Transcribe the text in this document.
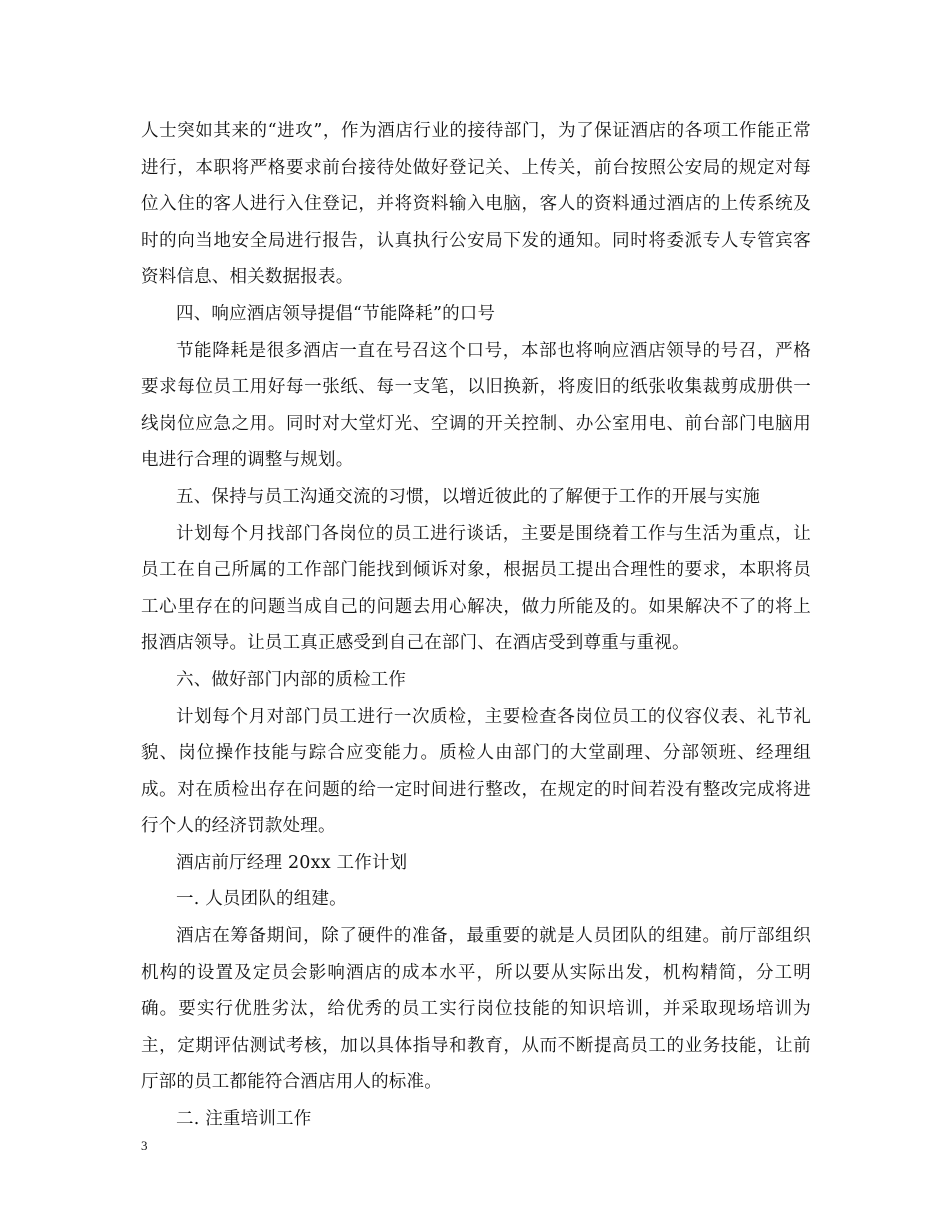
人士突如其来的“进攻”，作为酒店行业的接待部门，为了保证酒店的各项工作能正常进行，本职将严格要求前台接待处做好登记关、上传关，前台按照公安局的规定对每位入住的客人进行入住登记，并将资料输入电脑，客人的资料通过酒店的上传系统及时的向当地安全局进行报告，认真执行公安局下发的通知。同时将委派专人专管宾客资料信息、相关数据报表。

四、响应酒店领导提倡“节能降耗”的口号

节能降耗是很多酒店一直在号召这个口号，本部也将响应酒店领导的号召，严格要求每位员工用好每一张纸、每一支笔，以旧换新，将废旧的纸张收集裁剪成册供一线岗位应急之用。同时对大堂灯光、空调的开关控制、办公室用电、前台部门电脑用电进行合理的调整与规划。

五、保持与员工沟通交流的习惯，以增近彼此的了解便于工作的开展与实施

计划每个月找部门各岗位的员工进行谈话，主要是围绕着工作与生活为重点，让员工在自己所属的工作部门能找到倾诉对象，根据员工提出合理性的要求，本职将员工心里存在的问题当成自己的问题去用心解决，做力所能及的。如果解决不了的将上报酒店领导。让员工真正感受到自己在部门、在酒店受到尊重与重视。

六、做好部门内部的质检工作

计划每个月对部门员工进行一次质检，主要检查各岗位员工的仪容仪表、礼节礼貌、岗位操作技能与踪合应变能力。质检人由部门的大堂副理、分部领班、经理组成。对在质检出存在问题的给一定时间进行整改，在规定的时间若没有整改完成将进行个人的经济罚款处理。

酒店前厅经理 20xx 工作计划

一. 人员团队的组建。

酒店在筹备期间，除了硬件的准备，最重要的就是人员团队的组建。前厅部组织机构的设置及定员会影响酒店的成本水平，所以要从实际出发，机构精简，分工明确。要实行优胜劣汰，给优秀的员工实行岗位技能的知识培训，并采取现场培训为主，定期评估测试考核，加以具体指导和教育，从而不断提高员工的业务技能，让前厅部的员工都能符合酒店用人的标准。

二. 注重培训工作

3
